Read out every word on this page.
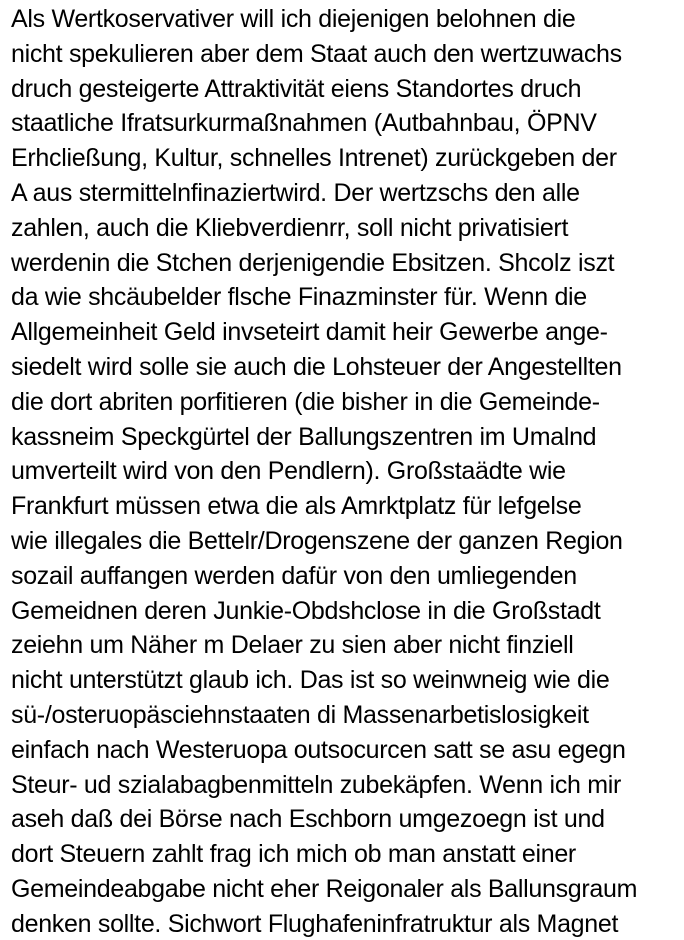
Als Wertkoservativer will ich diejenigen belohnen die
nicht spekulieren aber dem Staat auch den wertzuwachs
druch gesteigerte Attraktivität eiens Standortes druch
staatliche Ifratsurkurmaßnahmen (Autbahnbau, ÖPNV
Erhcließung, Kultur, schnelles Intrenet) zurückgeben der
A aus stermittelnfinaziertwird. Der wertzschs den alle
zahlen, auch die Kliebverdienrr, soll nicht privatisiert
werdenin die Stchen derjenigendie Ebsitzen. Shcolz iszt
da wie shcäubelder flsche Finazminster für. Wenn die
Allgemeinheit Geld invseteirt damit heir Gewerbe ange-
siedelt wird solle sie auch die Lohsteuer der Angestellten
die dort abriten porfitieren (die bisher in die Gemeinde-
kassneim Speckgürtel der Ballungszentren im Umalnd
umverteilt wird von den Pendlern). Großstaädte wie
Frankfurt müssen etwa die als Amrktplatz für lefgelse
wie illegales die Bettelr/Drogenszene der ganzen Region
sozail auffangen werden dafür von den umliegenden
Gemeidnen deren Junkie-Obdshclose in die Großstadt
zeiehn um Näher m Delaer zu sien aber nicht finziell
nicht unterstützt glaub ich. Das ist so weinwneig wie die
sü-/osteruopäsciehnstaaten di Massenarbetislosigkeit
einfach nach Westeruopa outsocurcen satt se asu egegn
Steur- ud szialabagbenmitteln zubekäpfen. Wenn ich mir
aseh daß dei Börse nach Eschborn umgezoegn ist und
dort Steuern zahlt frag ich mich ob man anstatt einer
Gemeindeabgabe nicht eher Reigonaler als Ballunsgraum
denken sollte. Sichwort Flughafeninfratruktur als Magnet
